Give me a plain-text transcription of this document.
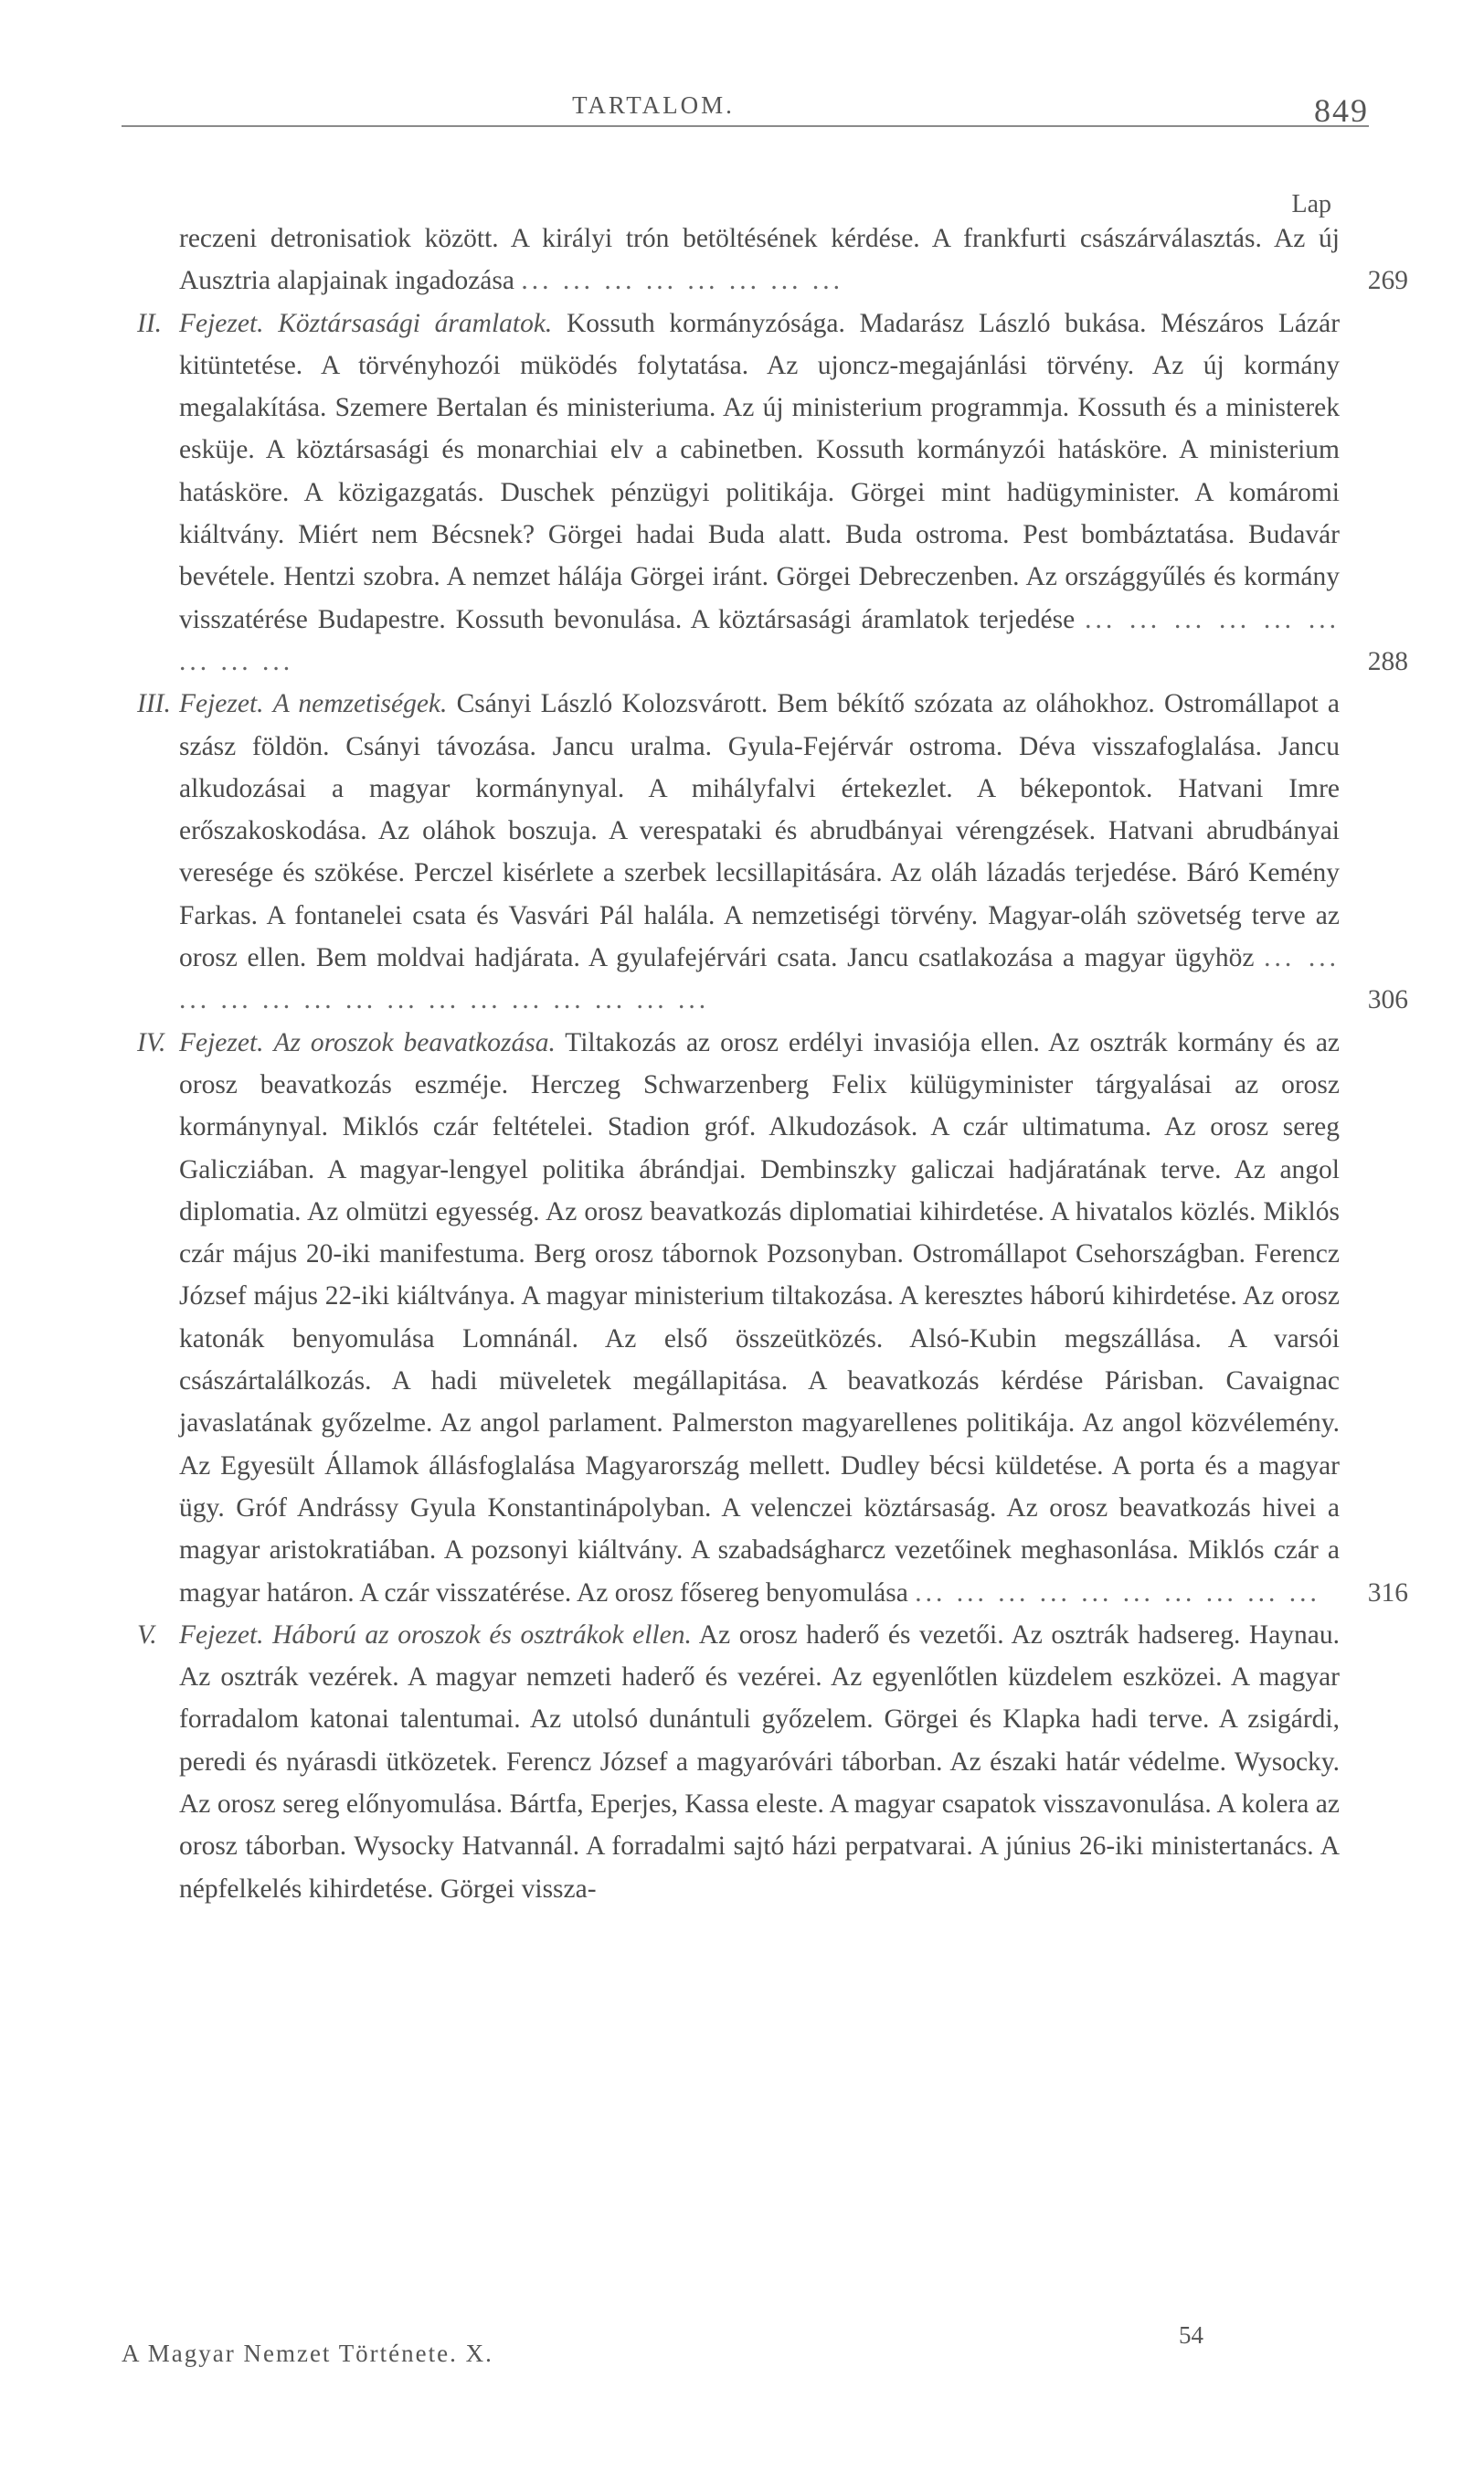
TARTALOM.	849
Lap

reczeni detronisatiok között. A királyi trón betöltésének kérdése. A frankfurti császárválasztás. Az új Ausztria alapjainak ingadozása ... ... ... ... ... ... ... ...	269

II. Fejezet. Köztársasági áramlatok. Kossuth kormányzósága. Madarász László bukása. Mészáros Lázár kitüntetése. A törvényhozói müködés folytatása. Az ujoncz-megajánlási törvény. Az új kormány megalakítása. Szemere Bertalan és ministeriuma. Az új ministerium programmja. Kossuth és a ministerek esküje. A köztársasági és monarchiai elv a cabinetben. Kossuth kormányzói hatásköre. A ministerium hatásköre. A közigazgatás. Duschek pénzügyi politikája. Görgei mint hadügyminister. A komáromi kiáltvány. Miért nem Bécsnek? Görgei hadai Buda alatt. Buda ostroma. Pest bombáztatása. Budavár bevétele. Hentzi szobra. A nemzet hálája Görgei iránt. Görgei Debreczenben. Az országgyűlés és kormány visszatérése Budapestre. Kossuth bevonulása. A köztársasági áramlatok terjedése ... ... ... ... ... ... ... ... ...	288

III. Fejezet. A nemzetiségek. Csányi László Kolozsvárott. Bem békítő szózata az oláhokhoz. Ostromállapot a szász földön. Csányi távozása. Jancu uralma. Gyula-Fejérvár ostroma. Déva visszafoglalása. Jancu alkudozásai a magyar kormánynyal. A mihályfalvi értekezlet. A békepontok. Hatvani Imre erőszakoskodása. Az oláhok boszuja. A verespataki és abrudbányai vérengzések. Hatvani abrudbányai veresége és szökése. Perczel kisérlete a szerbek lecsillapitására. Az oláh lázadás terjedése. Báró Kemény Farkas. A fontanelei csata és Vasvári Pál halála. A nemzetiségi törvény. Magyar-oláh szövetség terve az orosz ellen. Bem moldvai hadjárata. A gyulafejérvári csata. Jancu csatlakozása a magyar ügyhöz ... ... ... ... ... ... ... ... ... ... ... ... ... ... ...	306

IV. Fejezet. Az oroszok beavatkozása. Tiltakozás az orosz erdélyi invasiója ellen. Az osztrák kormány és az orosz beavatkozás eszméje. Herczeg Schwarzenberg Felix külügyminister tárgyalásai az orosz kormánynyal. Miklós czár feltételei. Stadion gróf. Alkudozások. A czár ultimatuma. Az orosz sereg Galicziában. A magyar-lengyel politika ábrándjai. Dembinszky galiczai hadjáratának terve. Az angol diplomatia. Az olmützi egyesség. Az orosz beavatkozás diplomatiai kihirdetése. A hivatalos közlés. Miklós czár május 20-iki manifestuma. Berg orosz tábornok Pozsonyban. Ostromállapot Csehországban. Ferencz József május 22-iki kiáltványa. A magyar ministerium tiltakozása. A keresztes háború kihirdetése. Az orosz katonák benyomulása Lomnánál. Az első összeütközés. Alsó-Kubin megszállása. A varsói császártalálkozás. A hadi müveletek megállapitása. A beavatkozás kérdése Párisban. Cavaignac javaslatának győzelme. Az angol parlament. Palmerston magyarellenes politikája. Az angol közvélemény. Az Egyesült Államok állásfoglalása Magyarország mellett. Dudley bécsi küldetése. A porta és a magyar ügy. Gróf Andrássy Gyula Konstantinápolyban. A velenczei köztársaság. Az orosz beavatkozás hivei a magyar aristokratiában. A pozsonyi kiáltvány. A szabadságharcz vezetőinek meghasonlása. Miklós czár a magyar határon. A czár visszatérése. Az orosz fősereg benyomulása ... ... ... ... ... ... ... ... ... ... 316

V. Fejezet. Háború az oroszok és osztrákok ellen. Az orosz haderő és vezetői. Az osztrák hadsereg. Haynau. Az osztrák vezérek. A magyar nemzeti haderő és vezérei. Az egyenlőtlen küzdelem eszközei. A magyar forradalom katonai talentumai. Az utolsó dunántuli győzelem. Görgei és Klapka hadi terve. A zsigárdi, peredi és nyárasdi ütközetek. Ferencz József a magyaróvári táborban. Az északi határ védelme. Wysocky. Az orosz sereg előnyomulása. Bártfa, Eperjes, Kassa eleste. A magyar csapatok visszavonulása. A kolera az orosz táborban. Wysocky Hatvannál. A forradalmi sajtó házi perpatvarai. A június 26-iki ministertanács. A népfelkelés kihirdetése. Görgei vissza-

54
A Magyar Nemzet Története. X.
